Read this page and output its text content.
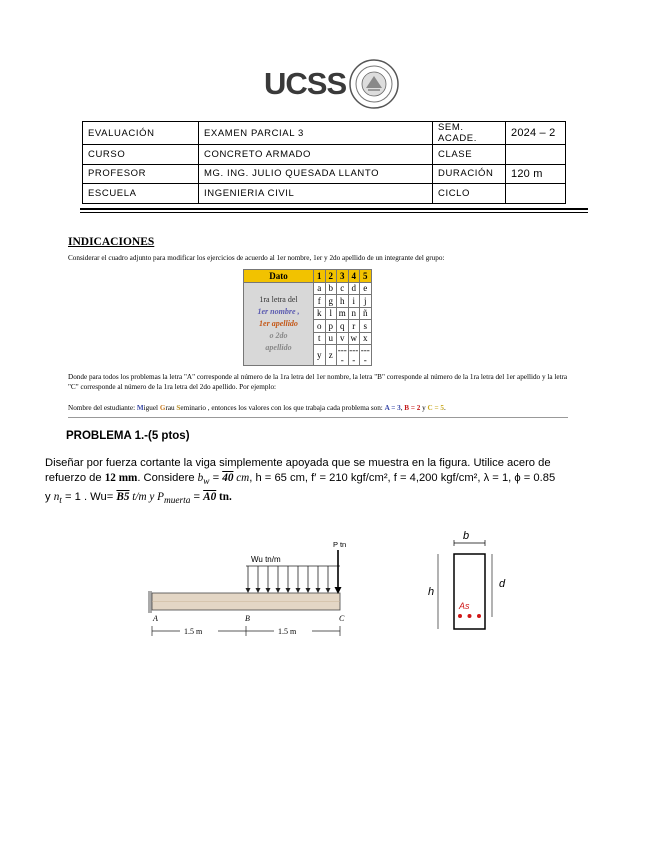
UCSS
EVALUACIÓN	EXAMEN PARCIAL 3	SEM. ACADE.	2024 – 2
CURSO	CONCRETO ARMADO	CLASE	
PROFESOR	MG. ING. JULIO QUESADA LLANTO	DURACIÓN	120 m
ESCUELA	INGENIERIA CIVIL	CICLO	
INDICACIONES
Considerar el cuadro adjunto para modificar los ejercicios de acuerdo al 1er nombre, 1er y 2do apellido de un integrante del grupo:
Dato	1	2	3	4	5

1ra letra del
1er nombre ,
1er apellido
o 2do
apellido	a	b	c	d	e
	f	g	h	i	j
	k	l	m	n	ñ
	o	p	q	r	s
	t	u	v	w	x
	y	z	----	----	----
Donde para todos los problemas la letra "A" corresponde al número de la 1ra letra del 1er nombre, la letra "B" corresponde al número de la 1ra letra del 1er apellido y la letra "C" corresponde al número de la 1ra letra del 2do apellido. Por ejemplo:
Nombre del estudiante: Miguel Grau Seminario , entonces los valores con los que trabaja cada problema son: A = 3, B = 2 y C = 5.
PROBLEMA 1.-(5 ptos)
Diseñar por fuerza cortante la viga simplemente apoyada que se muestra en la figura. Utilice acero de
refuerzo de 12 mm. Considere $b_w = 40$ cm, h = 65 cm, f′ = 210 kgf/cm², f = 4,200 kgf/cm², λ = 1, ϕ = 0.85
y $n_t = 1$ . Wu= B5 t/m y $P_{muerta} = A0$ tn.
Wu tn/m
P tn
A	B	C
1.5 m	1.5 m
b
h
d
As
